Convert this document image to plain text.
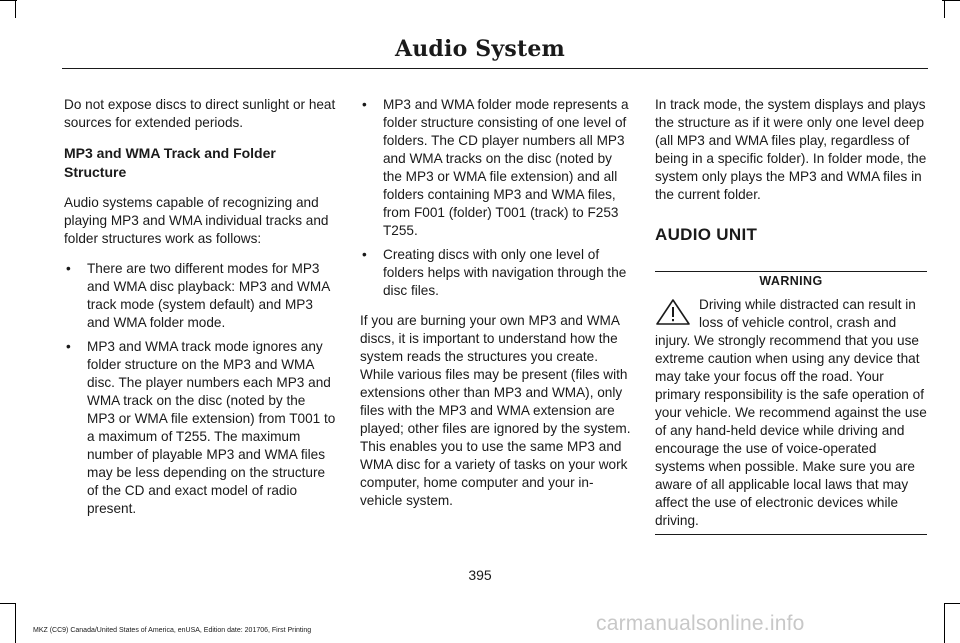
Audio System

Do not expose discs to direct sunlight or heat sources for extended periods.

MP3 and WMA Track and Folder Structure

Audio systems capable of recognizing and playing MP3 and WMA individual tracks and folder structures work as follows:

• There are two different modes for MP3 and WMA disc playback: MP3 and WMA track mode (system default) and MP3 and WMA folder mode.
• MP3 and WMA track mode ignores any folder structure on the MP3 and WMA disc. The player numbers each MP3 and WMA track on the disc (noted by the MP3 or WMA file extension) from T001 to a maximum of T255. The maximum number of playable MP3 and WMA files may be less depending on the structure of the CD and exact model of radio present.
• MP3 and WMA folder mode represents a folder structure consisting of one level of folders. The CD player numbers all MP3 and WMA tracks on the disc (noted by the MP3 or WMA file extension) and all folders containing MP3 and WMA files, from F001 (folder) T001 (track) to F253 T255.
• Creating discs with only one level of folders helps with navigation through the disc files.

If you are burning your own MP3 and WMA discs, it is important to understand how the system reads the structures you create. While various files may be present (files with extensions other than MP3 and WMA), only files with the MP3 and WMA extension are played; other files are ignored by the system. This enables you to use the same MP3 and WMA disc for a variety of tasks on your work computer, home computer and your in-vehicle system.

In track mode, the system displays and plays the structure as if it were only one level deep (all MP3 and WMA files play, regardless of being in a specific folder). In folder mode, the system only plays the MP3 and WMA files in the current folder.

AUDIO UNIT
WARNING
Driving while distracted can result in loss of vehicle control, crash and injury. We strongly recommend that you use extreme caution when using any device that may take your focus off the road. Your primary responsibility is the safe operation of your vehicle. We recommend against the use of any hand-held device while driving and encourage the use of voice-operated systems when possible. Make sure you are aware of all applicable local laws that may affect the use of electronic devices while driving.
395
MKZ (CC9) Canada/United States of America, enUSA, Edition date: 201706, First Printing	carmanualsonline.info
